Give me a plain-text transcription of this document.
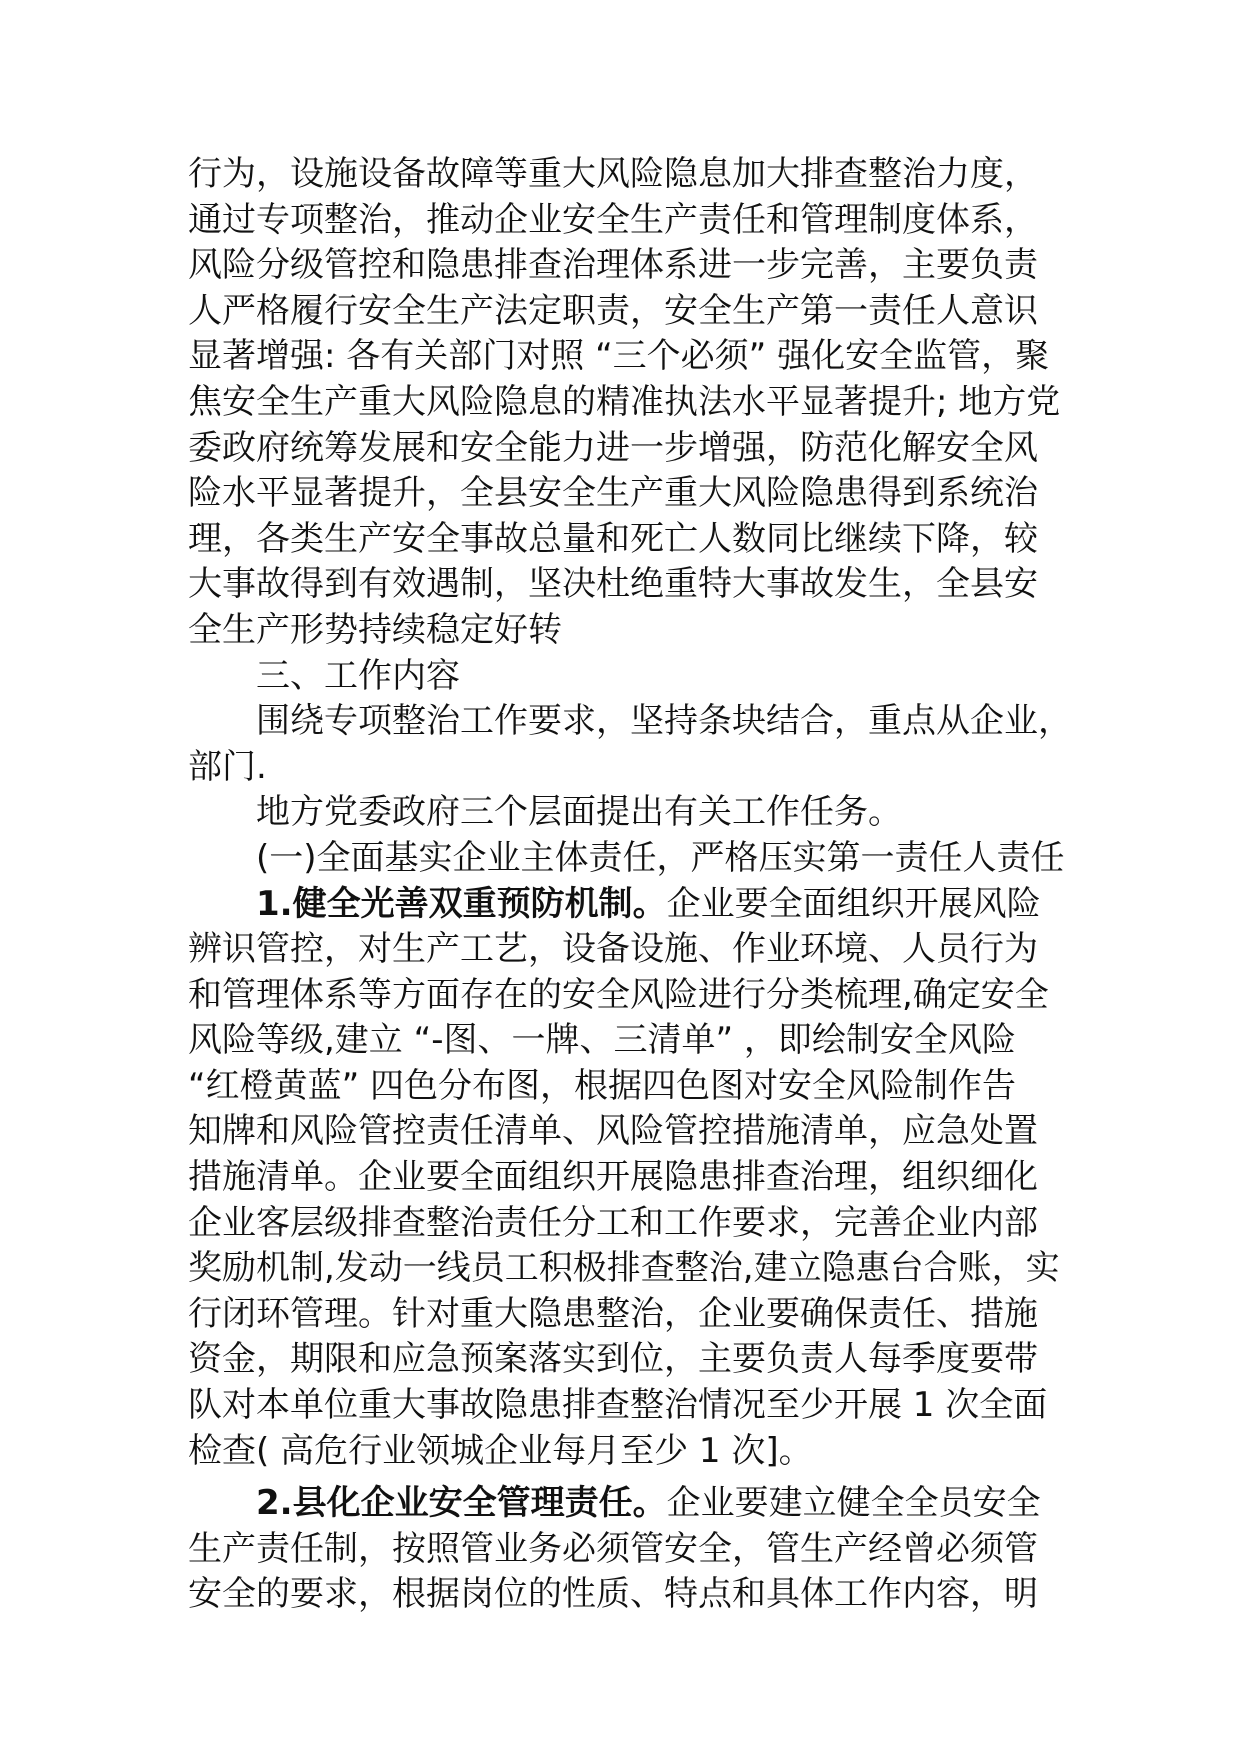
行为，设施设备故障等重大风险隐息加大排查整治力度，
通过专项整治，推动企业安全生产责任和管理制度体系，
风险分级管控和隐患排查治理体系进一步完善，主要负责
人严格履行安全生产法定职责，安全生产第一责任人意识
显著增强: 各有关部门对照 “三个必须” 强化安全监管，聚
焦安全生产重大风险隐息的精准执法水平显著提升; 地方党
委政府统筹发展和安全能力进一步增强，防范化解安全风
险水平显著提升，全县安全生产重大风险隐患得到系统治
理，各类生产安全事故总量和死亡人数同比继续下降，较
大事故得到有效遇制，坚决杜绝重特大事故发生，全县安
全生产形势持续稳定好转
三、工作内容
围绕专项整治工作要求，坚持条块结合，重点从企业，
部门.
地方党委政府三个层面提出有关工作任务。
(一)全面基实企业主体责任，严格压实第一责任人责任
1.健全光善双重预防机制。企业要全面组织开展风险
辨识管控，对生产工艺，设备设施、作业环境、人员行为
和管理体系等方面存在的安全风险进行分类梳理,确定安全
风险等级,建立 “-图、一牌、三清单” ，即绘制安全风险
“红橙黄蓝” 四色分布图，根据四色图对安全风险制作告
知牌和风险管控责任清单、风险管控措施清单，应急处置
措施清单。企业要全面组织开展隐患排查治理，组织细化
企业客层级排查整治责任分工和工作要求，完善企业内部
奖励机制,发动一线员工积极排查整治,建立隐惠台合账，实
行闭环管理。针对重大隐患整治，企业要确保责任、措施
资金，期限和应急预案落实到位，主要负责人每季度要带
队对本单位重大事故隐患排查整治情况至少开展 1 次全面
检查( 高危行业领城企业每月至少 1 次]。
2.县化企业安全管理责任。企业要建立健全全员安全
生产责任制，按照管业务必须管安全，管生产经曾必须管
安全的要求，根据岗位的性质、特点和具体工作内容，明
